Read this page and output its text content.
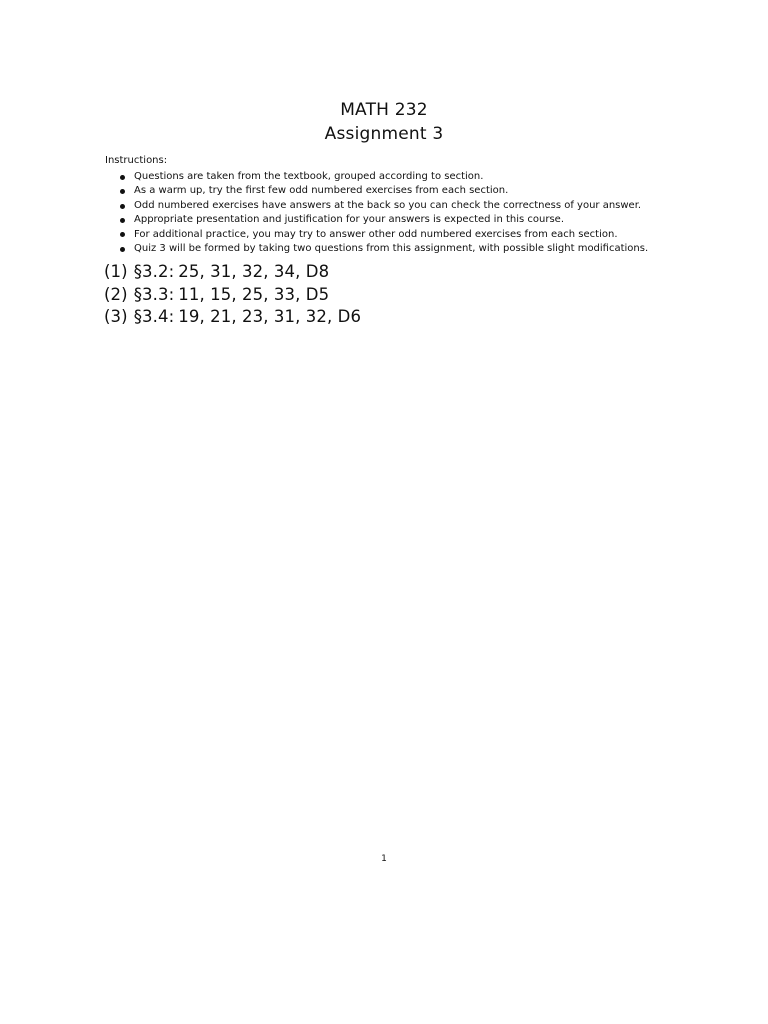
MATH 232
Assignment 3
Instructions:
Questions are taken from the textbook, grouped according to section.
As a warm up, try the first few odd numbered exercises from each section.
Odd numbered exercises have answers at the back so you can check the correctness of your answer.
Appropriate presentation and justification for your answers is expected in this course.
For additional practice, you may try to answer other odd numbered exercises from each section.
Quiz 3 will be formed by taking two questions from this assignment, with possible slight modifications.
(1) §3.2: 25, 31, 32, 34, D8
(2) §3.3: 11, 15, 25, 33, D5
(3) §3.4: 19, 21, 23, 31, 32, D6
1
